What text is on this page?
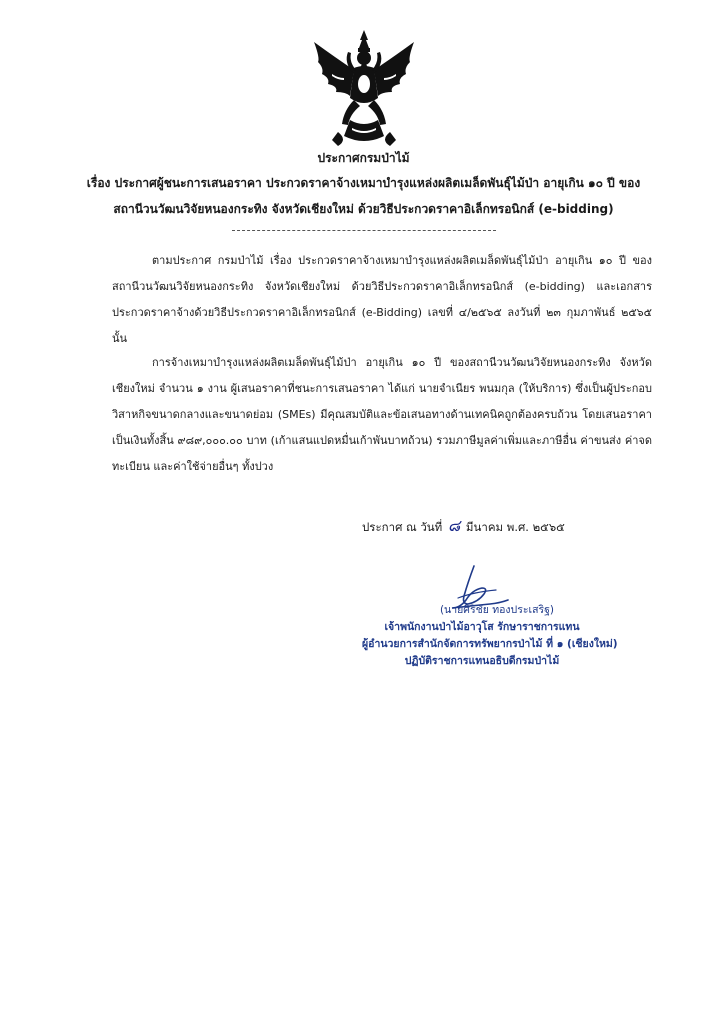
ประกาศกรมป่าไม้
เรื่อง ประกาศผู้ชนะการเสนอราคา ประกวดราคาจ้างเหมาบำรุงแหล่งผลิตเมล็ดพันธุ์ไม้ป่า อายุเกิน ๑๐ ปี ของ
สถานีวนวัฒนวิจัยหนองกระทิง จังหวัดเชียงใหม่ ด้วยวิธีประกวดราคาอิเล็กทรอนิกส์ (e-bidding)
ตามประกาศ กรมป่าไม้ เรื่อง ประกวดราคาจ้างเหมาบำรุงแหล่งผลิตเมล็ดพันธุ์ไม้ป่า อายุเกิน ๑๐ ปี ของสถานีวนวัฒนวิจัยหนองกระทิง จังหวัดเชียงใหม่ ด้วยวิธีประกวดราคาอิเล็กทรอนิกส์ (e-bidding) และเอกสารประกวดราคาจ้างด้วยวิธีประกวดราคาอิเล็กทรอนิกส์ (e-Bidding) เลขที่ ๔/๒๕๖๕ ลงวันที่ ๒๓ กุมภาพันธ์ ๒๕๖๕ นั้น
การจ้างเหมาบำรุงแหล่งผลิตเมล็ดพันธุ์ไม้ป่า อายุเกิน ๑๐ ปี ของสถานีวนวัฒนวิจัยหนองกระทิง จังหวัดเชียงใหม่ จำนวน ๑ งาน ผู้เสนอราคาที่ชนะการเสนอราคา ได้แก่ นายจำเนียร พนมกุล (ให้บริการ) ซึ่งเป็นผู้ประกอบวิสาหกิจขนาดกลางและขนาดย่อม (SMEs) มีคุณสมบัติและข้อเสนอทางด้านเทคนิคถูกต้องครบถ้วน โดยเสนอราคา เป็นเงินทั้งสิ้น ๙๘๙,๐๐๐.๐๐ บาท (เก้าแสนแปดหมื่นเก้าพันบาทถ้วน) รวมภาษีมูลค่าเพิ่มและภาษีอื่น ค่าขนส่ง ค่าจดทะเบียน และค่าใช้จ่ายอื่นๆ ทั้งปวง
ประกาศ ณ วันที่ ๘ มีนาคม พ.ศ. ๒๕๖๕
(นายศิริชัย ทองประเสริฐ)
เจ้าพนักงานป่าไม้อาวุโส รักษาราชการแทน
ผู้อำนวยการสำนักจัดการทรัพยากรป่าไม้ ที่ ๑ (เชียงใหม่)
ปฏิบัติราชการแทนอธิบดีกรมป่าไม้
